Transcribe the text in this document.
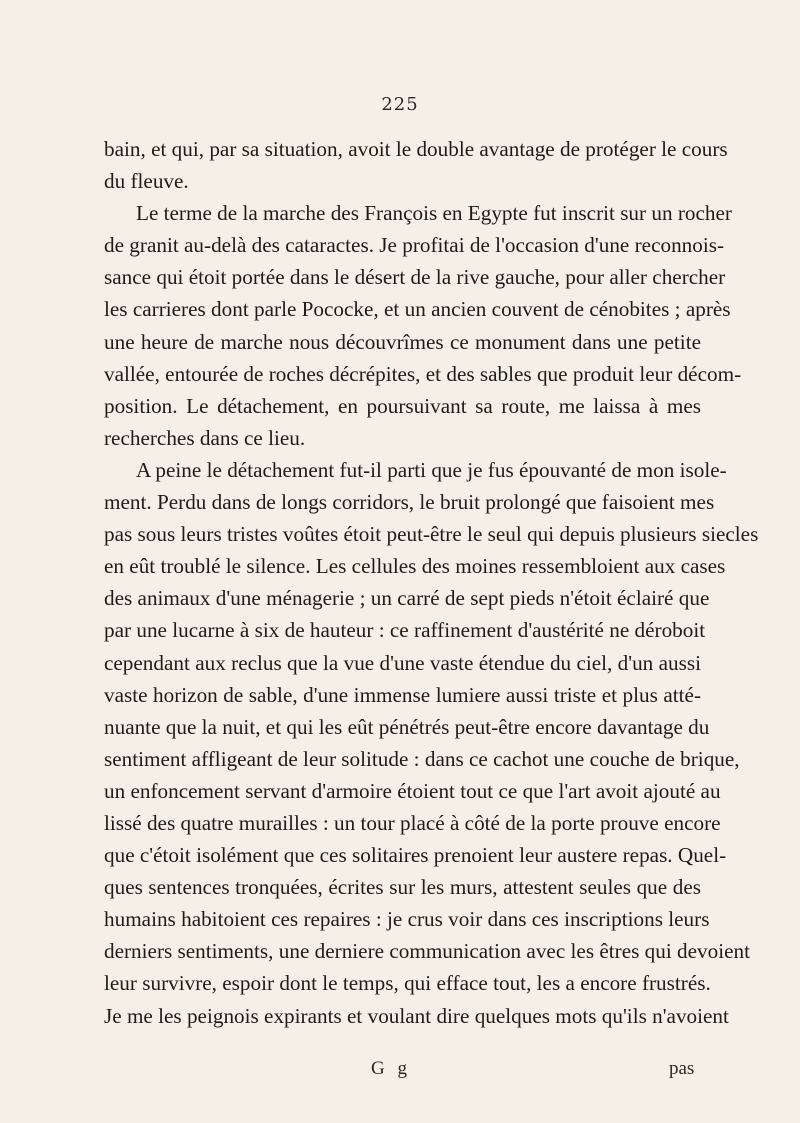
225
bain, et qui, par sa situation, avoit le double avantage de protéger le cours
du fleuve.
Le terme de la marche des François en Egypte fut inscrit sur un rocher
de granit au-delà des cataractes. Je profitai de l'occasion d'une reconnois-
sance qui étoit portée dans le désert de la rive gauche, pour aller chercher
les carrieres dont parle Pococke, et un ancien couvent de cénobites ; après
une heure de marche nous découvrîmes ce monument dans une petite
vallée, entourée de roches décrépites, et des sables que produit leur décom-
position. Le détachement, en poursuivant sa route, me laissa à mes
recherches dans ce lieu.
A peine le détachement fut-il parti que je fus épouvanté de mon isole-
ment. Perdu dans de longs corridors, le bruit prolongé que faisoient mes
pas sous leurs tristes voûtes étoit peut-être le seul qui depuis plusieurs siecles
en eût troublé le silence. Les cellules des moines ressembloient aux cases
des animaux d'une ménagerie ; un carré de sept pieds n'étoit éclairé que
par une lucarne à six de hauteur : ce raffinement d'austérité ne déroboit
cependant aux reclus que la vue d'une vaste étendue du ciel, d'un aussi
vaste horizon de sable, d'une immense lumiere aussi triste et plus atté-
nuante que la nuit, et qui les eût pénétrés peut-être encore davantage du
sentiment affligeant de leur solitude : dans ce cachot une couche de brique,
un enfoncement servant d'armoire étoient tout ce que l'art avoit ajouté au
lissé des quatre murailles : un tour placé à côté de la porte prouve encore
que c'étoit isolément que ces solitaires prenoient leur austere repas. Quel-
ques sentences tronquées, écrites sur les murs, attestent seules que des
humains habitoient ces repaires : je crus voir dans ces inscriptions leurs
derniers sentiments, une derniere communication avec les êtres qui devoient
leur survivre, espoir dont le temps, qui efface tout, les a encore frustrés.
Je me les peignois expirants et voulant dire quelques mots qu'ils n'avoient
G g	pas
